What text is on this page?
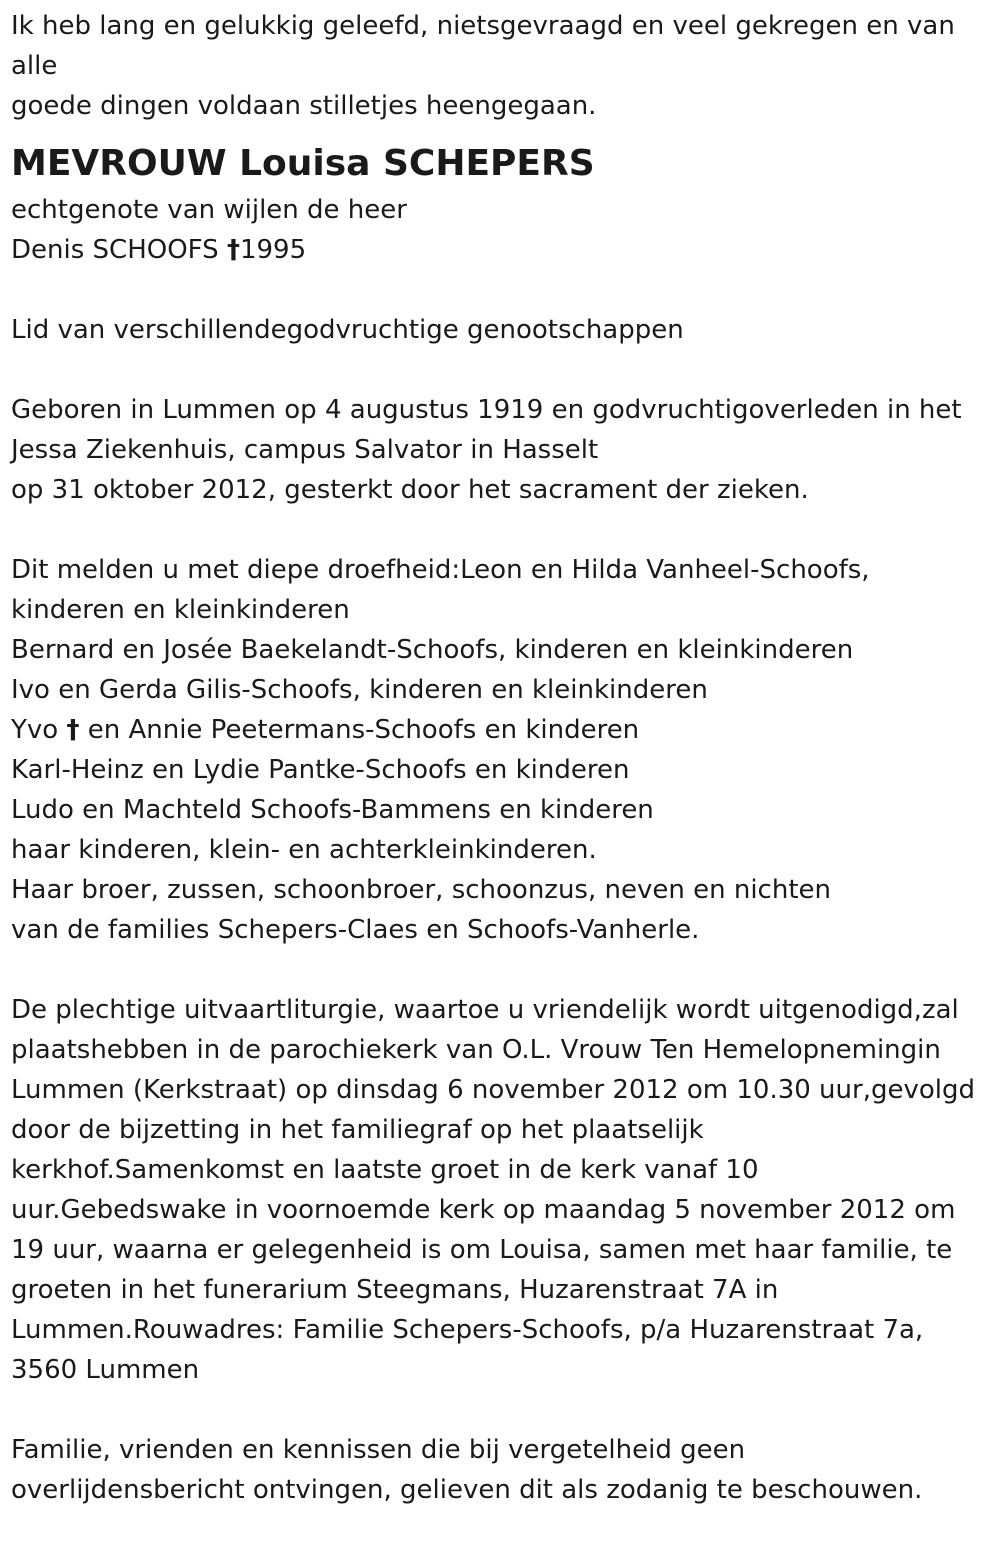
Ik heb lang en gelukkig geleefd, nietsgevraagd en veel gekregen en van
alle
goede dingen voldaan stilletjes heengegaan.
MEVROUW Louisa SCHEPERS
echtgenote van wijlen de heer
Denis SCHOOFS †1995
Lid van verschillendegodvruchtige genootschappen
Geboren in Lummen op 4 augustus 1919 en godvruchtigoverleden in het
Jessa Ziekenhuis, campus Salvator in Hasselt
op 31 oktober 2012, gesterkt door het sacrament der zieken.
Dit melden u met diepe droefheid:Leon en Hilda Vanheel-Schoofs,
kinderen en kleinkinderen
Bernard en Josée Baekelandt-Schoofs, kinderen en kleinkinderen
Ivo en Gerda Gilis-Schoofs, kinderen en kleinkinderen
Yvo † en Annie Peetermans-Schoofs en kinderen
Karl-Heinz en Lydie Pantke-Schoofs en kinderen
Ludo en Machteld Schoofs-Bammens en kinderen
haar kinderen, klein- en achterkleinkinderen.
Haar broer, zussen, schoonbroer, schoonzus, neven en nichten
van de families Schepers-Claes en Schoofs-Vanherle.
De plechtige uitvaartliturgie, waartoe u vriendelijk wordt uitgenodigd,zal
plaatshebben in de parochiekerk van O.L. Vrouw Ten Hemelopnemingin
Lummen (Kerkstraat) op dinsdag 6 november 2012 om 10.30 uur,gevolgd
door de bijzetting in het familiegraf op het plaatselijk
kerkhof.Samenkomst en laatste groet in de kerk vanaf 10
uur.Gebedswake in voornoemde kerk op maandag 5 november 2012 om
19 uur, waarna er gelegenheid is om Louisa, samen met haar familie, te
groeten in het funerarium Steegmans, Huzarenstraat 7A in
Lummen.Rouwadres: Familie Schepers-Schoofs, p/a Huzarenstraat 7a,
3560 Lummen
Familie, vrienden en kennissen die bij vergetelheid geen
overlijdensbericht ontvingen, gelieven dit als zodanig te beschouwen.
